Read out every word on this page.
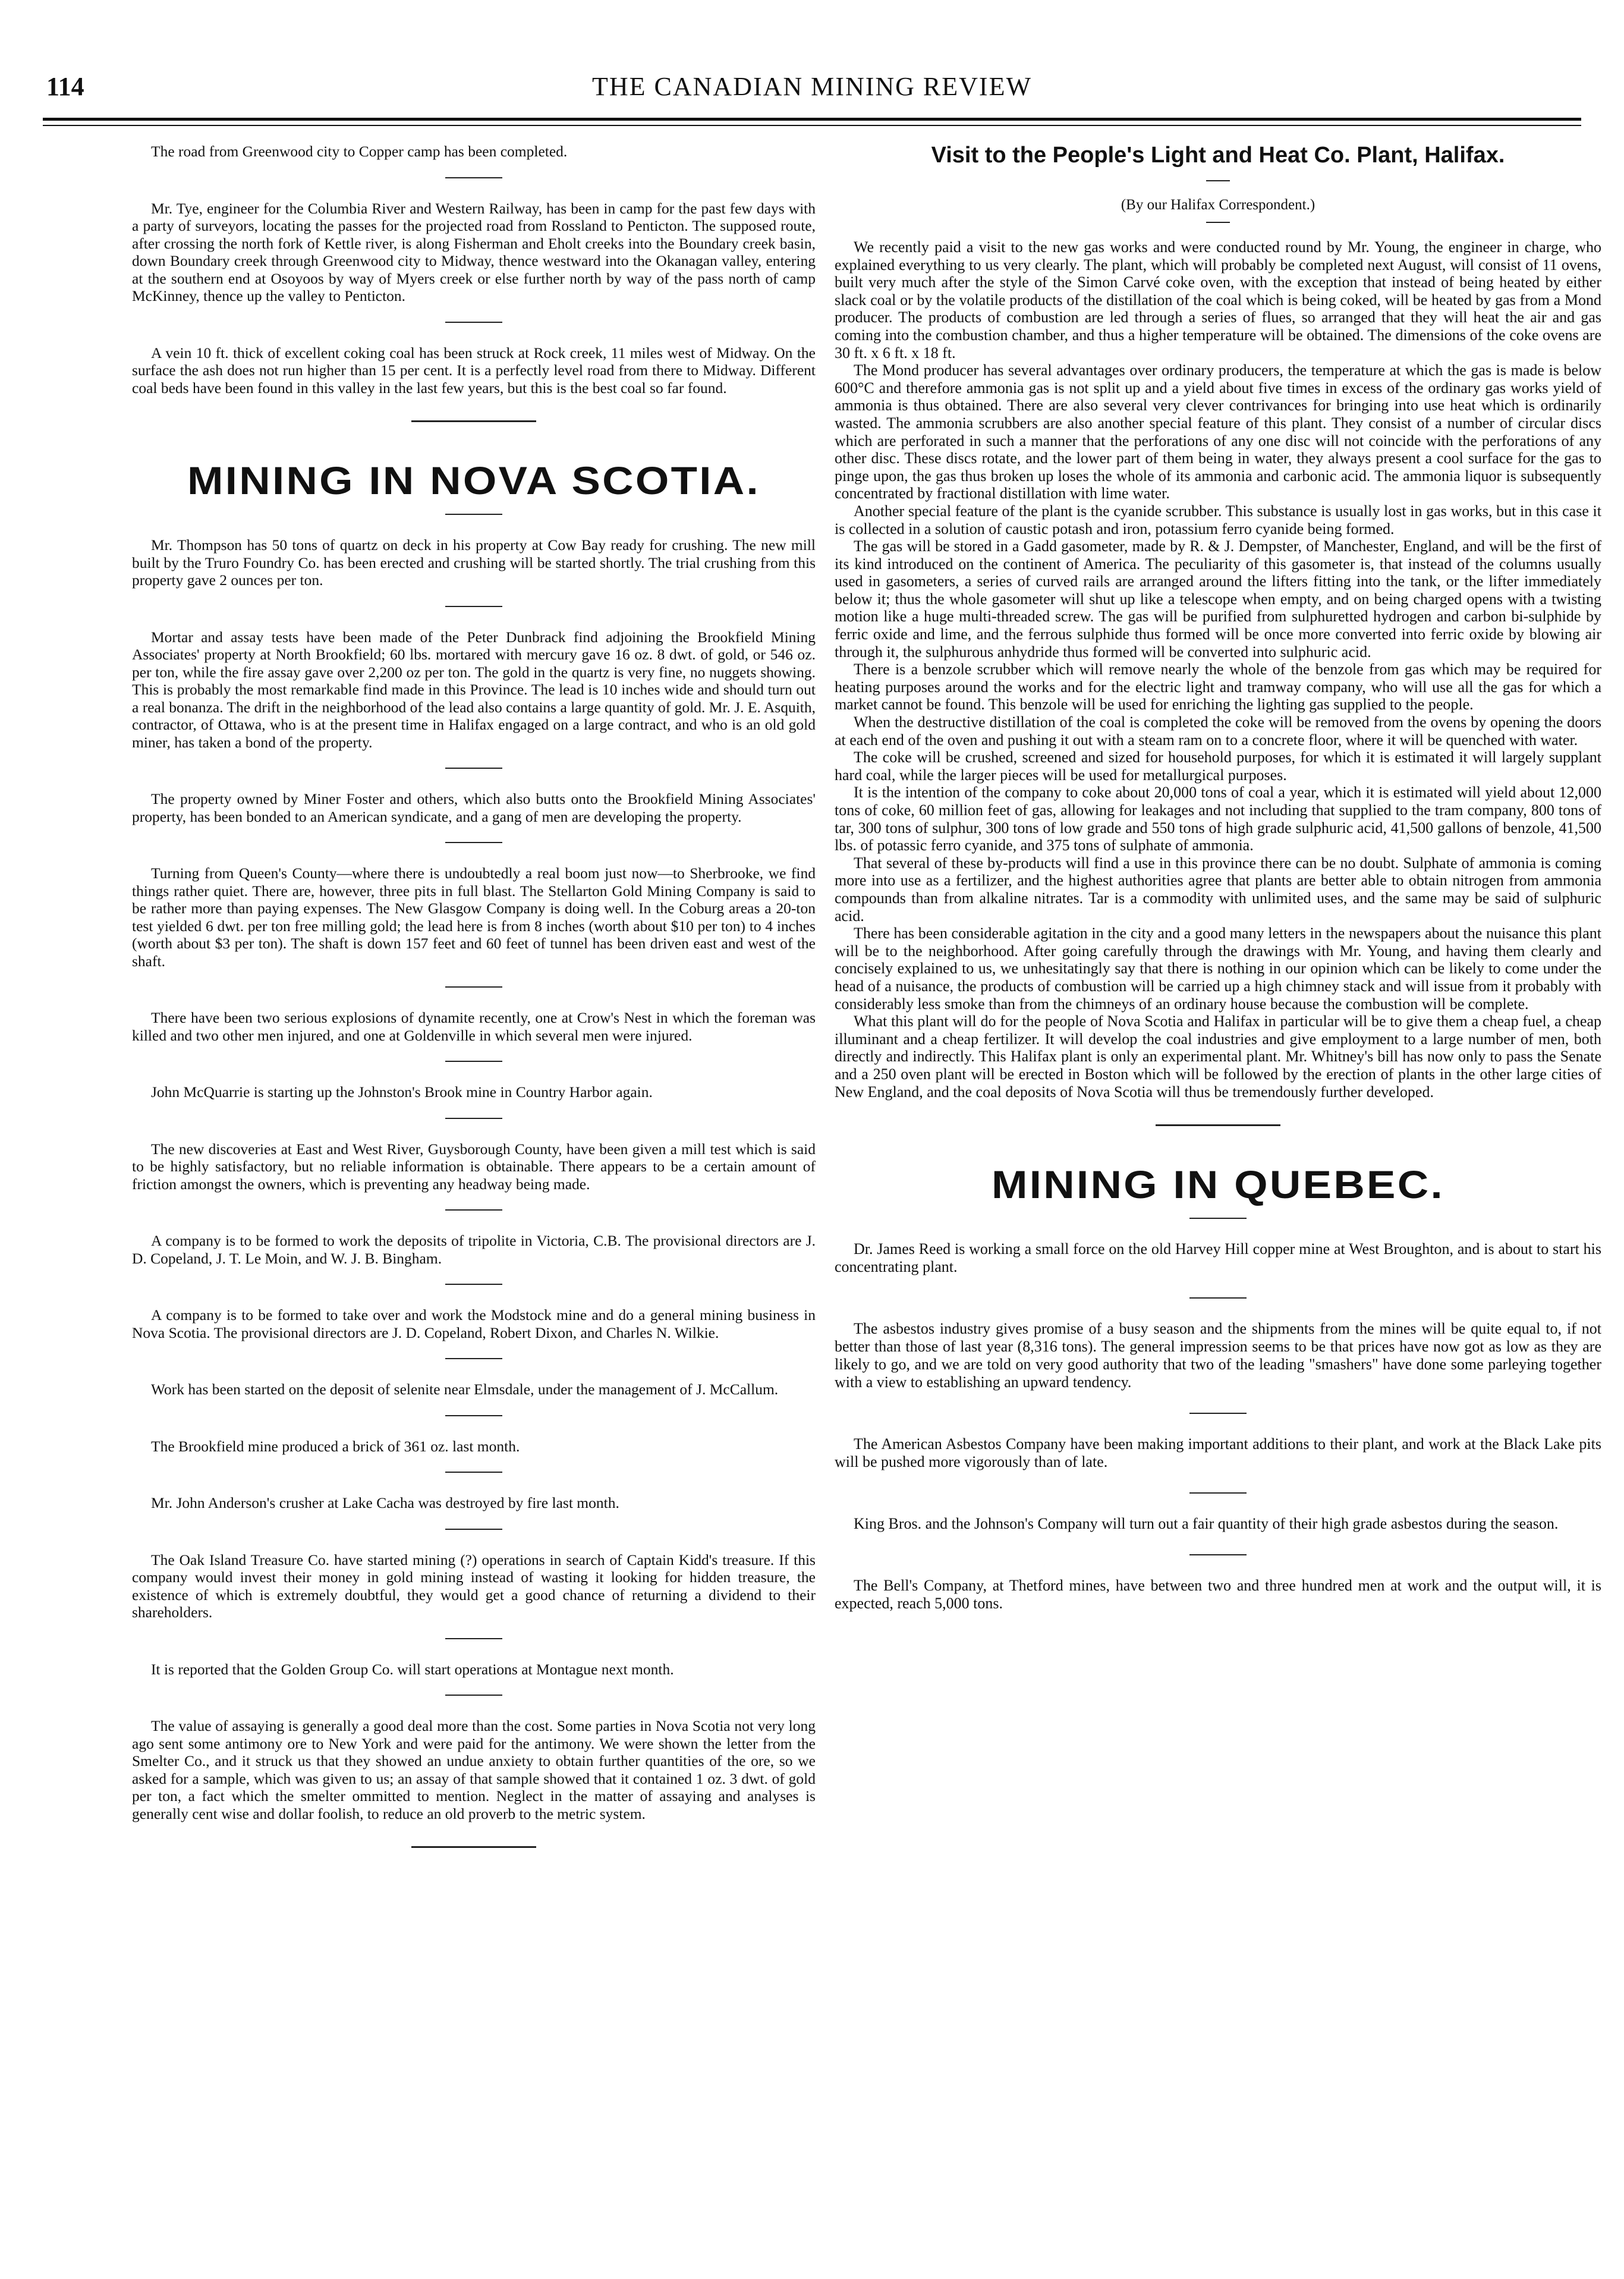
114	THE CANADIAN MINING REVIEW

The road from Greenwood city to Copper camp has been completed.

Mr. Tye, engineer for the Columbia River and Western Railway, has been in camp for the past few days with a party of surveyors, locating the passes for the projected road from Rossland to Penticton. The supposed route, after crossing the north fork of Kettle river, is along Fisherman and Eholt creeks into the Boundary creek basin, down Boundary creek through Greenwood city to Midway, thence westward into the Okanagan valley, entering at the southern end at Osoyoos by way of Myers creek or else further north by way of the pass north of camp McKinney, thence up the valley to Penticton.

A vein 10 ft. thick of excellent coking coal has been struck at Rock creek, 11 miles west of Midway. On the surface the ash does not run higher than 15 per cent. It is a perfectly level road from there to Midway. Different coal beds have been found in this valley in the last few years, but this is the best coal so far found.

MINING IN NOVA SCOTIA.

Mr. Thompson has 50 tons of quartz on deck in his property at Cow Bay ready for crushing. The new mill built by the Truro Foundry Co. has been erected and crushing will be started shortly. The trial crushing from this property gave 2 ounces per ton.

Mortar and assay tests have been made of the Peter Dunbrack find adjoining the Brookfield Mining Associates' property at North Brookfield; 60 lbs. mortared with mercury gave 16 oz. 8 dwt. of gold, or 546 oz. per ton, while the fire assay gave over 2,200 oz per ton. The gold in the quartz is very fine, no nuggets showing. This is probably the most remarkable find made in this Province. The lead is 10 inches wide and should turn out a real bonanza. The drift in the neighborhood of the lead also contains a large quantity of gold. Mr. J. E. Asquith, contractor, of Ottawa, who is at the present time in Halifax engaged on a large contract, and who is an old gold miner, has taken a bond of the property.

The property owned by Miner Foster and others, which also butts onto the Brookfield Mining Associates' property, has been bonded to an American syndicate, and a gang of men are developing the property.

Turning from Queen's County—where there is undoubtedly a real boom just now—to Sherbrooke, we find things rather quiet. There are, however, three pits in full blast. The Stellarton Gold Mining Company is said to be rather more than paying expenses. The New Glasgow Company is doing well. In the Coburg areas a 20-ton test yielded 6 dwt. per ton free milling gold; the lead here is from 8 inches (worth about $10 per ton) to 4 inches (worth about $3 per ton). The shaft is down 157 feet and 60 feet of tunnel has been driven east and west of the shaft.

There have been two serious explosions of dynamite recently, one at Crow's Nest in which the foreman was killed and two other men injured, and one at Goldenville in which several men were injured.

John McQuarrie is starting up the Johnston's Brook mine in Country Harbor again.

The new discoveries at East and West River, Guysborough County, have been given a mill test which is said to be highly satisfactory, but no reliable information is obtainable. There appears to be a certain amount of friction amongst the owners, which is preventing any headway being made.

A company is to be formed to work the deposits of tripolite in Victoria, C.B. The provisional directors are J. D. Copeland, J. T. Le Moin, and W. J. B. Bingham.

A company is to be formed to take over and work the Modstock mine and do a general mining business in Nova Scotia. The provisional directors are J. D. Copeland, Robert Dixon, and Charles N. Wilkie.

Work has been started on the deposit of selenite near Elmsdale, under the management of J. McCallum.

The Brookfield mine produced a brick of 361 oz. last month.

Mr. John Anderson's crusher at Lake Cacha was destroyed by fire last month.

The Oak Island Treasure Co. have started mining (?) operations in search of Captain Kidd's treasure. If this company would invest their money in gold mining instead of wasting it looking for hidden treasure, the existence of which is extremely doubtful, they would get a good chance of returning a dividend to their shareholders.

It is reported that the Golden Group Co. will start operations at Montague next month.

The value of assaying is generally a good deal more than the cost. Some parties in Nova Scotia not very long ago sent some antimony ore to New York and were paid for the antimony. We were shown the letter from the Smelter Co., and it struck us that they showed an undue anxiety to obtain further quantities of the ore, so we asked for a sample, which was given to us; an assay of that sample showed that it contained 1 oz. 3 dwt. of gold per ton, a fact which the smelter ommitted to mention. Neglect in the matter of assaying and analyses is generally cent wise and dollar foolish, to reduce an old proverb to the metric system.

Visit to the People's Light and Heat Co. Plant, Halifax.
(By our Halifax Correspondent.)

We recently paid a visit to the new gas works and were conducted round by Mr. Young, the engineer in charge, who explained everything to us very clearly. The plant, which will probably be completed next August, will consist of 11 ovens, built very much after the style of the Simon Carvé coke oven, with the exception that instead of being heated by either slack coal or by the volatile products of the distillation of the coal which is being coked, will be heated by gas from a Mond producer. The products of combustion are led through a series of flues, so arranged that they will heat the air and gas coming into the combustion chamber, and thus a higher temperature will be obtained. The dimensions of the coke ovens are 30 ft. x 6 ft. x 18 ft.

The Mond producer has several advantages over ordinary producers, the temperature at which the gas is made is below 600°C and therefore ammonia gas is not split up and a yield about five times in excess of the ordinary gas works yield of ammonia is thus obtained. There are also several very clever contrivances for bringing into use heat which is ordinarily wasted. The ammonia scrubbers are also another special feature of this plant. They consist of a number of circular discs which are perforated in such a manner that the perforations of any one disc will not coincide with the perforations of any other disc. These discs rotate, and the lower part of them being in water, they always present a cool surface for the gas to pinge upon, the gas thus broken up loses the whole of its ammonia and carbonic acid. The ammonia liquor is subsequently concentrated by fractional distillation with lime water.

Another special feature of the plant is the cyanide scrubber. This substance is usually lost in gas works, but in this case it is collected in a solution of caustic potash and iron, potassium ferro cyanide being formed.

The gas will be stored in a Gadd gasometer, made by R. & J. Dempster, of Manchester, England, and will be the first of its kind introduced on the continent of America. The peculiarity of this gasometer is, that instead of the columns usually used in gasometers, a series of curved rails are arranged around the lifters fitting into the tank, or the lifter immediately below it; thus the whole gasometer will shut up like a telescope when empty, and on being charged opens with a twisting motion like a huge multi-threaded screw. The gas will be purified from sulphuretted hydrogen and carbon bi-sulphide by ferric oxide and lime, and the ferrous sulphide thus formed will be once more converted into ferric oxide by blowing air through it, the sulphurous anhydride thus formed will be converted into sulphuric acid.

There is a benzole scrubber which will remove nearly the whole of the benzole from gas which may be required for heating purposes around the works and for the electric light and tramway company, who will use all the gas for which a market cannot be found. This benzole will be used for enriching the lighting gas supplied to the people.

When the destructive distillation of the coal is completed the coke will be removed from the ovens by opening the doors at each end of the oven and pushing it out with a steam ram on to a concrete floor, where it will be quenched with water.

The coke will be crushed, screened and sized for household purposes, for which it is estimated it will largely supplant hard coal, while the larger pieces will be used for metallurgical purposes.

It is the intention of the company to coke about 20,000 tons of coal a year, which it is estimated will yield about 12,000 tons of coke, 60 million feet of gas, allowing for leakages and not including that supplied to the tram company, 800 tons of tar, 300 tons of sulphur, 300 tons of low grade and 550 tons of high grade sulphuric acid, 41,500 gallons of benzole, 41,500 lbs. of potassic ferro cyanide, and 375 tons of sulphate of ammonia.

That several of these by-products will find a use in this province there can be no doubt. Sulphate of ammonia is coming more into use as a fertilizer, and the highest authorities agree that plants are better able to obtain nitrogen from ammonia compounds than from alkaline nitrates. Tar is a commodity with unlimited uses, and the same may be said of sulphuric acid.

There has been considerable agitation in the city and a good many letters in the newspapers about the nuisance this plant will be to the neighborhood. After going carefully through the drawings with Mr. Young, and having them clearly and concisely explained to us, we unhesitatingly say that there is nothing in our opinion which can be likely to come under the head of a nuisance, the products of combustion will be carried up a high chimney stack and will issue from it probably with considerably less smoke than from the chimneys of an ordinary house because the combustion will be complete.

What this plant will do for the people of Nova Scotia and Halifax in particular will be to give them a cheap fuel, a cheap illuminant and a cheap fertilizer. It will develop the coal industries and give employment to a large number of men, both directly and indirectly. This Halifax plant is only an experimental plant. Mr. Whitney's bill has now only to pass the Senate and a 250 oven plant will be erected in Boston which will be followed by the erection of plants in the other large cities of New England, and the coal deposits of Nova Scotia will thus be tremendously further developed.

MINING IN QUEBEC.

Dr. James Reed is working a small force on the old Harvey Hill copper mine at West Broughton, and is about to start his concentrating plant.

The asbestos industry gives promise of a busy season and the shipments from the mines will be quite equal to, if not better than those of last year (8,316 tons). The general impression seems to be that prices have now got as low as they are likely to go, and we are told on very good authority that two of the leading "smashers" have done some parleying together with a view to establishing an upward tendency.

The American Asbestos Company have been making important additions to their plant, and work at the Black Lake pits will be pushed more vigorously than of late.

King Bros. and the Johnson's Company will turn out a fair quantity of their high grade asbestos during the season.

The Bell's Company, at Thetford mines, have between two and three hundred men at work and the output will, it is expected, reach 5,000 tons.
